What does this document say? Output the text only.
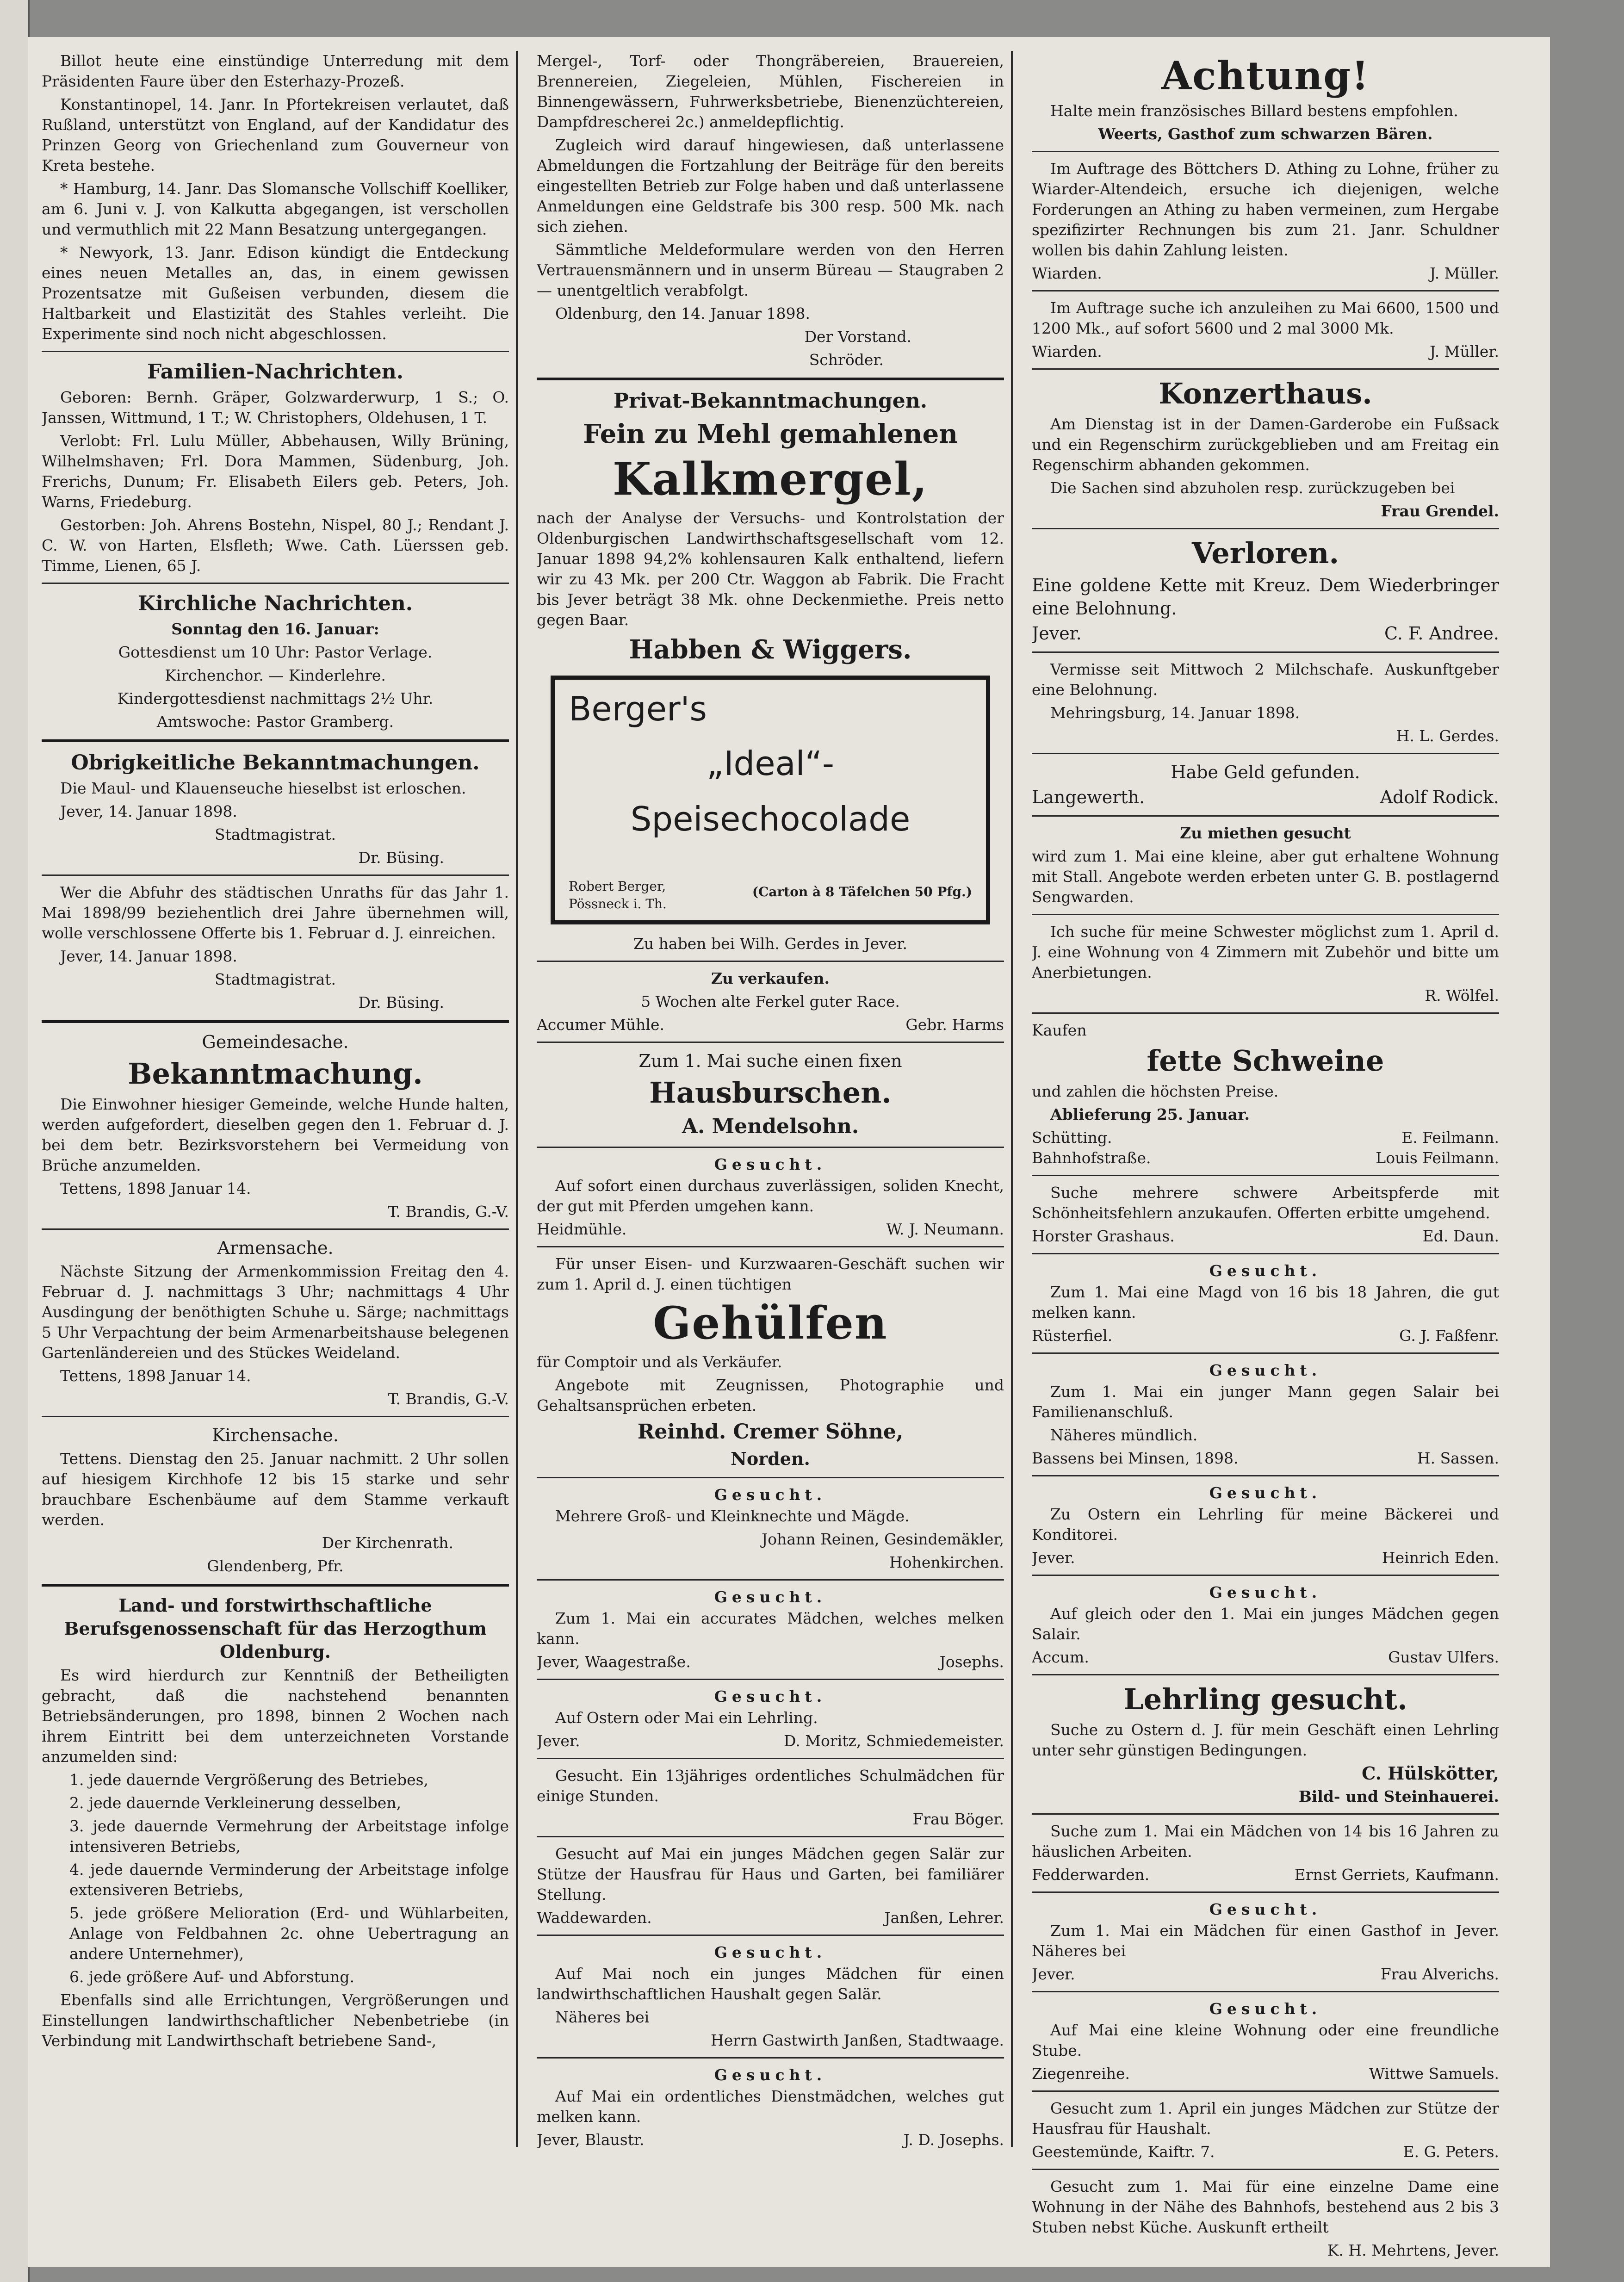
Billot heute eine einstündige Unterredung mit dem Präsidenten Faure über den Esterhazy-Prozeß.

Konstantinopel, 14. Janr. In Pfortekreisen verlautet, daß Rußland, unterstützt von England, auf der Kandidatur des Prinzen Georg von Griechenland zum Gouverneur von Kreta bestehe.

* Hamburg, 14. Janr. Das Slomansche Vollschiff Koelliker, am 6. Juni v. J. von Kalkutta abgegangen, ist verschollen und vermuthlich mit 22 Mann Besatzung untergegangen.

* Newyork, 13. Janr. Edison kündigt die Entdeckung eines neuen Metalles an, das, in einem gewissen Prozentsatze mit Gußeisen verbunden, diesem die Haltbarkeit und Elastizität des Stahles verleiht. Die Experimente sind noch nicht abgeschlossen.

Familien-Nachrichten.

Geboren: Bernh. Gräper, Golzwarderwurp, 1 S.; O. Janssen, Wittmund, 1 T.; W. Christophers, Oldehusen, 1 T.

Verlobt: Frl. Lulu Müller, Abbehausen, Willy Brüning, Wilhelmshaven; Frl. Dora Mammen, Südenburg, Joh. Frerichs, Dunum; Fr. Elisabeth Eilers geb. Peters, Joh. Warns, Friedeburg.

Gestorben: Joh. Ahrens Bostehn, Nispel, 80 J.; Rendant J. C. W. von Harten, Elsfleth; Wwe. Cath. Lüerssen geb. Timme, Lienen, 65 J.

Kirchliche Nachrichten.

Sonntag den 16. Januar:

Gottesdienst um 10 Uhr: Pastor Verlage.

Kirchenchor. — Kinderlehre.

Kindergottesdienst nachmittags 2½ Uhr.

Amtswoche: Pastor Gramberg.

Obrigkeitliche Bekanntmachungen.

Die Maul- und Klauenseuche hieselbst ist erloschen.

Jever, 14. Januar 1898.

Stadtmagistrat.

Dr. Büsing.

Wer die Abfuhr des städtischen Unraths für das Jahr 1. Mai 1898/99 beziehentlich drei Jahre übernehmen will, wolle verschlossene Offerte bis 1. Februar d. J. einreichen.

Jever, 14. Januar 1898.

Stadtmagistrat.

Dr. Büsing.

Gemeindesache.
Bekanntmachung.

Die Einwohner hiesiger Gemeinde, welche Hunde halten, werden aufgefordert, dieselben gegen den 1. Februar d. J. bei dem betr. Bezirksvorstehern bei Vermeidung von Brüche anzumelden.

Tettens, 1898 Januar 14.

T. Brandis, G.-V.

Armensache.

Nächste Sitzung der Armenkommission Freitag den 4. Februar d. J. nachmittags 3 Uhr; nachmittags 4 Uhr Ausdingung der benöthigten Schuhe u. Särge; nachmittags 5 Uhr Verpachtung der beim Armenarbeitshause belegenen Gartenländereien und des Stückes Weideland.

Tettens, 1898 Januar 14.

T. Brandis, G.-V.

Kirchensache.

Tettens. Dienstag den 25. Januar nachmitt. 2 Uhr sollen auf hiesigem Kirchhofe 12 bis 15 starke und sehr brauchbare Eschenbäume auf dem Stamme verkauft werden.

Der Kirchenrath.

Glendenberg, Pfr.

Land- und forstwirthschaftliche Berufsgenossenschaft für das Herzogthum Oldenburg.

Es wird hierdurch zur Kenntniß der Betheiligten gebracht, daß die nachstehend benannten Betriebsänderungen, pro 1898, binnen 2 Wochen nach ihrem Eintritt bei dem unterzeichneten Vorstande anzumelden sind:

1. jede dauernde Vergrößerung des Betriebes,

2. jede dauernde Verkleinerung desselben,

3. jede dauernde Vermehrung der Arbeitstage infolge intensiveren Betriebs,

4. jede dauernde Verminderung der Arbeitstage infolge extensiveren Betriebs,

5. jede größere Melioration (Erd- und Wühlarbeiten, Anlage von Feldbahnen 2c. ohne Uebertragung an andere Unternehmer),

6. jede größere Auf- und Abforstung.

Ebenfalls sind alle Errichtungen, Vergrößerungen und Einstellungen landwirthschaftlicher Nebenbetriebe (in Verbindung mit Landwirthschaft betriebene Sand-,

Mergel-, Torf- oder Thongräbereien, Brauereien, Brennereien, Ziegeleien, Mühlen, Fischereien in Binnengewässern, Fuhrwerksbetriebe, Bienenzüchtereien, Dampfdrescherei 2c.) anmeldepflichtig.

Zugleich wird darauf hingewiesen, daß unterlassene Abmeldungen die Fortzahlung der Beiträge für den bereits eingestellten Betrieb zur Folge haben und daß unterlassene Anmeldungen eine Geldstrafe bis 300 resp. 500 Mk. nach sich ziehen.

Sämmtliche Meldeformulare werden von den Herren Vertrauensmännern und in unserm Büreau — Staugraben 2 — unentgeltlich verabfolgt.

Oldenburg, den 14. Januar 1898.

Der Vorstand.

Schröder.

Privat-Bekanntmachungen.
Fein zu Mehl gemahlenen
Kalkmergel,

nach der Analyse der Versuchs- und Kontrolstation der Oldenburgischen Landwirthschaftsgesellschaft vom 12. Januar 1898 94,2% kohlensauren Kalk enthaltend, liefern wir zu 43 Mk. per 200 Ctr. Waggon ab Fabrik. Die Fracht bis Jever beträgt 38 Mk. ohne Deckenmiethe. Preis netto gegen Baar.

Habben & Wiggers.
Berger's
„Ideal“-
Speisechocolade
Robert Berger,
Pössneck i. Th.
(Carton à 8 Täfelchen 50 Pfg.)

Zu haben bei Wilh. Gerdes in Jever.

Zu verkaufen.

5 Wochen alte Ferkel guter Race.

Accumer Mühle.	Gebr. Harms
Zum 1. Mai suche einen fixen
Hausburschen.
A. Mendelsohn.

Gesucht.

Auf sofort einen durchaus zuverlässigen, soliden Knecht, der gut mit Pferden umgehen kann.

Heidmühle.	W. J. Neumann.

Für unser Eisen- und Kurzwaaren-Geschäft suchen wir zum 1. April d. J. einen tüchtigen

Gehülfen

für Comptoir und als Verkäufer.

Angebote mit Zeugnissen, Photographie und Gehaltsansprüchen erbeten.

Reinhd. Cremer Söhne,
Norden.

Gesucht.

Mehrere Groß- und Kleinknechte und Mägde.

Johann Reinen, Gesindemäkler,

Hohenkirchen.

Gesucht.

Zum 1. Mai ein accurates Mädchen, welches melken kann.

Jever, Waagestraße.	Josephs.

Gesucht.

Auf Ostern oder Mai ein Lehrling.

Jever.	D. Moritz, Schmiedemeister.

Gesucht. Ein 13jähriges ordentliches Schulmädchen für einige Stunden.

Frau Böger.

Gesucht auf Mai ein junges Mädchen gegen Salär zur Stütze der Hausfrau für Haus und Garten, bei familiärer Stellung.

Waddewarden.	Janßen, Lehrer.

Gesucht.

Auf Mai noch ein junges Mädchen für einen landwirthschaftlichen Haushalt gegen Salär.

Näheres bei

Herrn Gastwirth Janßen, Stadtwaage.

Gesucht.

Auf Mai ein ordentliches Dienstmädchen, welches gut melken kann.

Jever, Blaustr.	J. D. Josephs.
Achtung!

Halte mein französisches Billard bestens empfohlen.

Weerts, Gasthof zum schwarzen Bären.

Im Auftrage des Böttchers D. Athing zu Lohne, früher zu Wiarder-Altendeich, ersuche ich diejenigen, welche Forderungen an Athing zu haben vermeinen, zum Hergabe spezifizirter Rechnungen bis zum 21. Janr. Schuldner wollen bis dahin Zahlung leisten.

Wiarden.	J. Müller.

Im Auftrage suche ich anzuleihen zu Mai 6600, 1500 und 1200 Mk., auf sofort 5600 und 2 mal 3000 Mk.

Wiarden.	J. Müller.
Konzerthaus.

Am Dienstag ist in der Damen-Garderobe ein Fußsack und ein Regenschirm zurückgeblieben und am Freitag ein Regenschirm abhanden gekommen.

Die Sachen sind abzuholen resp. zurückzugeben bei

Frau Grendel.

Verloren.

Eine goldene Kette mit Kreuz. Dem Wiederbringer eine Belohnung.

Jever.	C. F. Andree.

Vermisse seit Mittwoch 2 Milchschafe. Auskunftgeber eine Belohnung.

Mehringsburg, 14. Januar 1898.

H. L. Gerdes.

Habe Geld gefunden.
Langewerth.	Adolf Rodick.

Zu miethen gesucht

wird zum 1. Mai eine kleine, aber gut erhaltene Wohnung mit Stall. Angebote werden erbeten unter G. B. postlagernd Sengwarden.

Ich suche für meine Schwester möglichst zum 1. April d. J. eine Wohnung von 4 Zimmern mit Zubehör und bitte um Anerbietungen.

R. Wölfel.

Kaufen

fette Schweine

und zahlen die höchsten Preise.

Ablieferung 25. Januar.

Schütting.	E. Feilmann.
Bahnhofstraße.	Louis Feilmann.

Suche mehrere schwere Arbeitspferde mit Schönheitsfehlern anzukaufen. Offerten erbitte umgehend.

Horster Grashaus.	Ed. Daun.

Gesucht.

Zum 1. Mai eine Magd von 16 bis 18 Jahren, die gut melken kann.

Rüsterfiel.	G. J. Faßfenr.

Gesucht.

Zum 1. Mai ein junger Mann gegen Salair bei Familienanschluß.

Näheres mündlich.

Bassens bei Minsen, 1898.	H. Sassen.

Gesucht.

Zu Ostern ein Lehrling für meine Bäckerei und Konditorei.

Jever.	Heinrich Eden.

Gesucht.

Auf gleich oder den 1. Mai ein junges Mädchen gegen Salair.

Accum.	Gustav Ulfers.
Lehrling gesucht.

Suche zu Ostern d. J. für mein Geschäft einen Lehrling unter sehr günstigen Bedingungen.

C. Hülskötter,

Bild- und Steinhauerei.

Suche zum 1. Mai ein Mädchen von 14 bis 16 Jahren zu häuslichen Arbeiten.

Fedderwarden.	Ernst Gerriets, Kaufmann.

Gesucht.

Zum 1. Mai ein Mädchen für einen Gasthof in Jever. Näheres bei

Jever.	Frau Alverichs.

Gesucht.

Auf Mai eine kleine Wohnung oder eine freundliche Stube.

Ziegenreihe.	Wittwe Samuels.

Gesucht zum 1. April ein junges Mädchen zur Stütze der Hausfrau für Haushalt.

Geestemünde, Kaiftr. 7.	E. G. Peters.

Gesucht zum 1. Mai für eine einzelne Dame eine Wohnung in der Nähe des Bahnhofs, bestehend aus 2 bis 3 Stuben nebst Küche. Auskunft ertheilt

K. H. Mehrtens, Jever.
